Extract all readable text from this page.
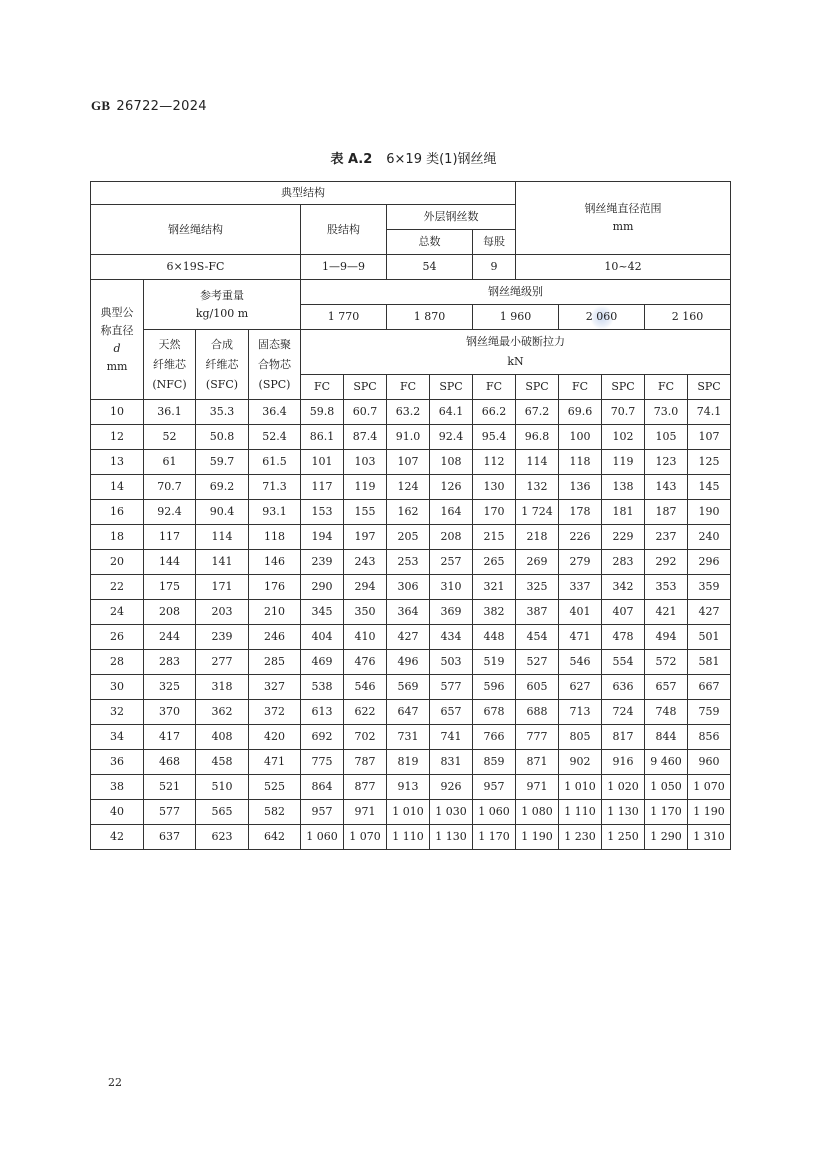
GB 26722—2024
表 A.2 6×19 类(1)钢丝绳
典型结构									钢丝绳直径范围
mm				
钢丝绳结构				股结构		外层钢丝数							
						总数		每股					
6×19S-FC				1—9—9		54		9	10~42				
典型公
称直径
d
mm	参考重量
kg/100 m			钢丝绳级别									
				1 770		1 870		1 960		2 060		2 160	
	天然
纤维芯
(NFC)	合成
纤维芯
(SFC)	固态聚
合物芯
(SPC)	钢丝绳最小破断拉力
kN									
				FC	SPC	FC	SPC	FC	SPC	FC	SPC	FC	SPC
10	36.1	35.3	36.4	59.8	60.7	63.2	64.1	66.2	67.2	69.6	70.7	73.0	74.1
12	52	50.8	52.4	86.1	87.4	91.0	92.4	95.4	96.8	100	102	105	107
13	61	59.7	61.5	101	103	107	108	112	114	118	119	123	125
14	70.7	69.2	71.3	117	119	124	126	130	132	136	138	143	145
16	92.4	90.4	93.1	153	155	162	164	170	1 724	178	181	187	190
18	117	114	118	194	197	205	208	215	218	226	229	237	240
20	144	141	146	239	243	253	257	265	269	279	283	292	296
22	175	171	176	290	294	306	310	321	325	337	342	353	359
24	208	203	210	345	350	364	369	382	387	401	407	421	427
26	244	239	246	404	410	427	434	448	454	471	478	494	501
28	283	277	285	469	476	496	503	519	527	546	554	572	581
30	325	318	327	538	546	569	577	596	605	627	636	657	667
32	370	362	372	613	622	647	657	678	688	713	724	748	759
34	417	408	420	692	702	731	741	766	777	805	817	844	856
36	468	458	471	775	787	819	831	859	871	902	916	9 460	960
38	521	510	525	864	877	913	926	957	971	1 010	1 020	1 050	1 070
40	577	565	582	957	971	1 010	1 030	1 060	1 080	1 110	1 130	1 170	1 190
42	637	623	642	1 060	1 070	1 110	1 130	1 170	1 190	1 230	1 250	1 290	1 310
22
